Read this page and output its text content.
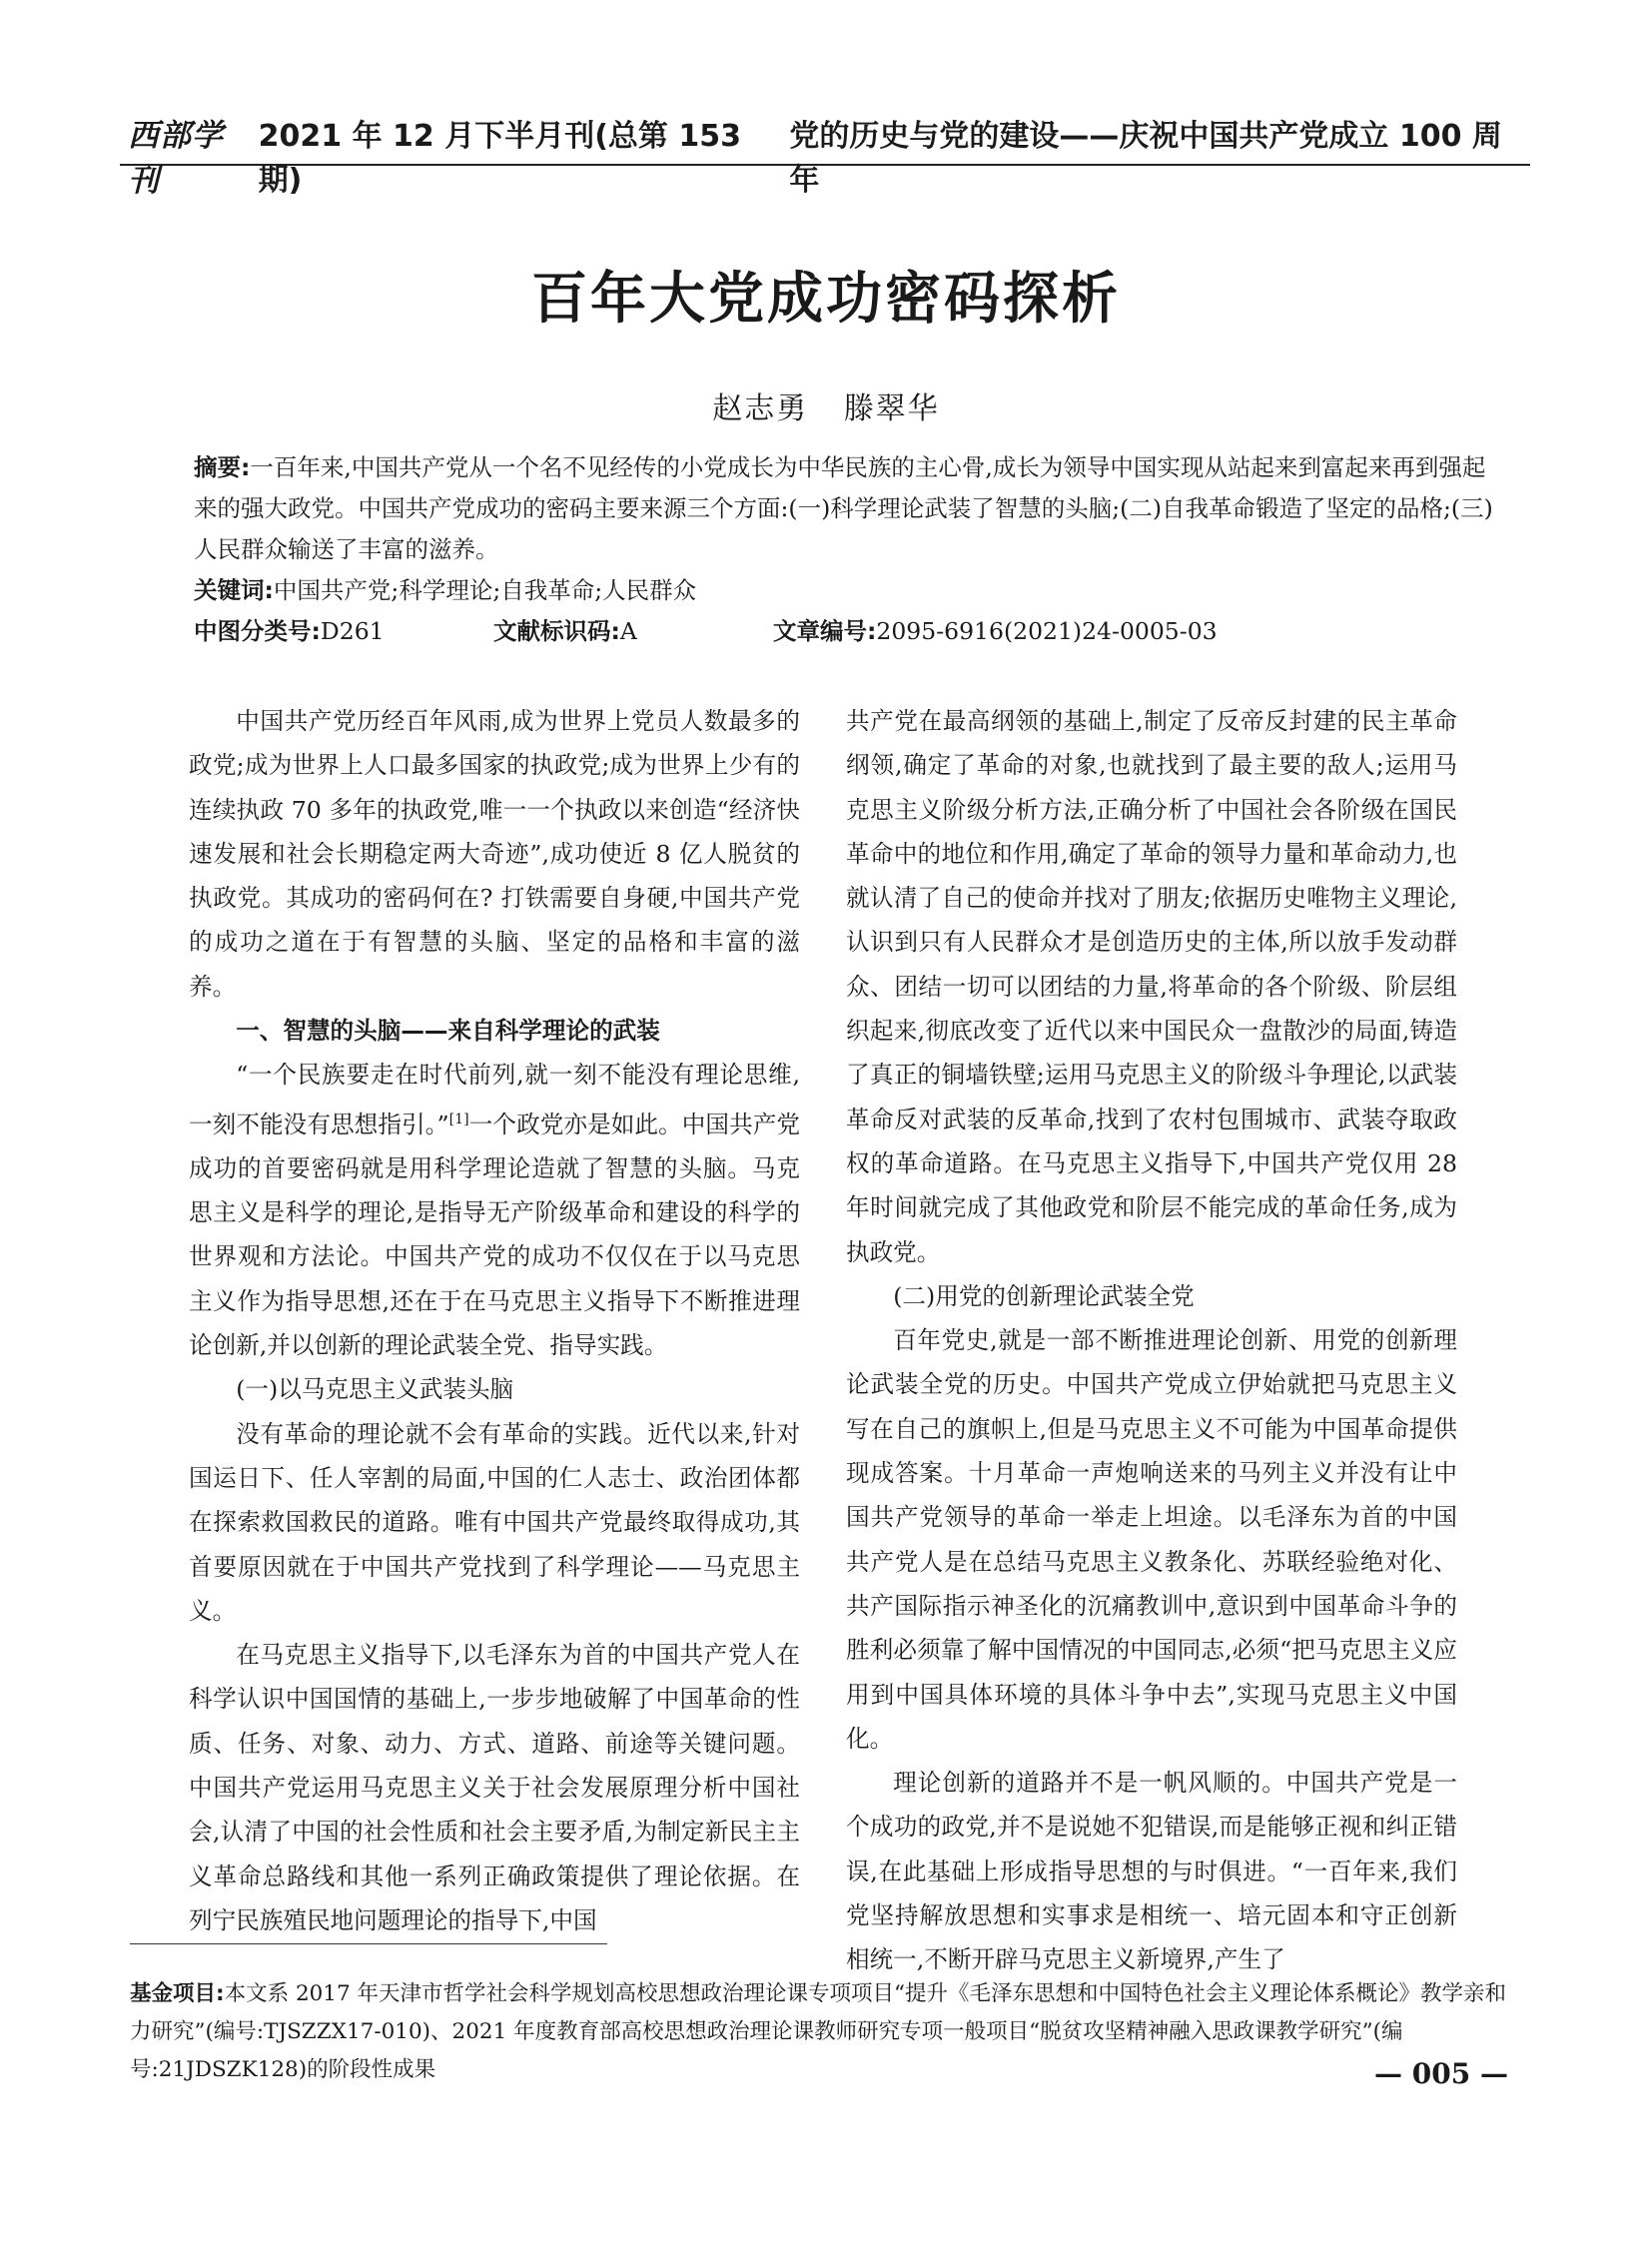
西部学刊
2021 年 12 月下半月刊(总第 153 期)
党的历史与党的建设——庆祝中国共产党成立 100 周年
百年大党成功密码探析
赵志勇 滕翠华

摘要:一百年来,中国共产党从一个名不见经传的小党成长为中华民族的主心骨,成长为领导中国实现从站起来到富起来再到强起来的强大政党。中国共产党成功的密码主要来源三个方面:(一)科学理论武装了智慧的头脑;(二)自我革命锻造了坚定的品格;(三)人民群众输送了丰富的滋养。

关键词:中国共产党;科学理论;自我革命;人民群众

中图分类号:D261	文献标识码:A	文章编号:2095-6916(2021)24-0005-03

中国共产党历经百年风雨,成为世界上党员人数最多的政党;成为世界上人口最多国家的执政党;成为世界上少有的连续执政 70 多年的执政党,唯一一个执政以来创造“经济快速发展和社会长期稳定两大奇迹”,成功使近 8 亿人脱贫的执政党。其成功的密码何在? 打铁需要自身硬,中国共产党的成功之道在于有智慧的头脑、坚定的品格和丰富的滋养。

一、智慧的头脑——来自科学理论的武装

“一个民族要走在时代前列,就一刻不能没有理论思维,一刻不能没有思想指引。”[1]一个政党亦是如此。中国共产党成功的首要密码就是用科学理论造就了智慧的头脑。马克思主义是科学的理论,是指导无产阶级革命和建设的科学的世界观和方法论。中国共产党的成功不仅仅在于以马克思主义作为指导思想,还在于在马克思主义指导下不断推进理论创新,并以创新的理论武装全党、指导实践。

(一)以马克思主义武装头脑

没有革命的理论就不会有革命的实践。近代以来,针对国运日下、任人宰割的局面,中国的仁人志士、政治团体都在探索救国救民的道路。唯有中国共产党最终取得成功,其首要原因就在于中国共产党找到了科学理论——马克思主义。

在马克思主义指导下,以毛泽东为首的中国共产党人在科学认识中国国情的基础上,一步步地破解了中国革命的性质、任务、对象、动力、方式、道路、前途等关键问题。中国共产党运用马克思主义关于社会发展原理分析中国社会,认清了中国的社会性质和社会主要矛盾,为制定新民主主义革命总路线和其他一系列正确政策提供了理论依据。在列宁民族殖民地问题理论的指导下,中国

共产党在最高纲领的基础上,制定了反帝反封建的民主革命纲领,确定了革命的对象,也就找到了最主要的敌人;运用马克思主义阶级分析方法,正确分析了中国社会各阶级在国民革命中的地位和作用,确定了革命的领导力量和革命动力,也就认清了自己的使命并找对了朋友;依据历史唯物主义理论,认识到只有人民群众才是创造历史的主体,所以放手发动群众、团结一切可以团结的力量,将革命的各个阶级、阶层组织起来,彻底改变了近代以来中国民众一盘散沙的局面,铸造了真正的铜墙铁壁;运用马克思主义的阶级斗争理论,以武装革命反对武装的反革命,找到了农村包围城市、武装夺取政权的革命道路。在马克思主义指导下,中国共产党仅用 28 年时间就完成了其他政党和阶层不能完成的革命任务,成为执政党。

(二)用党的创新理论武装全党

百年党史,就是一部不断推进理论创新、用党的创新理论武装全党的历史。中国共产党成立伊始就把马克思主义写在自己的旗帜上,但是马克思主义不可能为中国革命提供现成答案。十月革命一声炮响送来的马列主义并没有让中国共产党领导的革命一举走上坦途。以毛泽东为首的中国共产党人是在总结马克思主义教条化、苏联经验绝对化、共产国际指示神圣化的沉痛教训中,意识到中国革命斗争的胜利必须靠了解中国情况的中国同志,必须“把马克思主义应用到中国具体环境的具体斗争中去”,实现马克思主义中国化。

理论创新的道路并不是一帆风顺的。中国共产党是一个成功的政党,并不是说她不犯错误,而是能够正视和纠正错误,在此基础上形成指导思想的与时俱进。“一百年来,我们党坚持解放思想和实事求是相统一、培元固本和守正创新相统一,不断开辟马克思主义新境界,产生了

基金项目:本文系 2017 年天津市哲学社会科学规划高校思想政治理论课专项项目“提升《毛泽东思想和中国特色社会主义理论体系概论》教学亲和力研究”(编号:TJSZZX17-010)、2021 年度教育部高校思想政治理论课教师研究专项一般项目“脱贫攻坚精神融入思政课教学研究”(编号:21JDSZK128)的阶段性成果	— 005 —
